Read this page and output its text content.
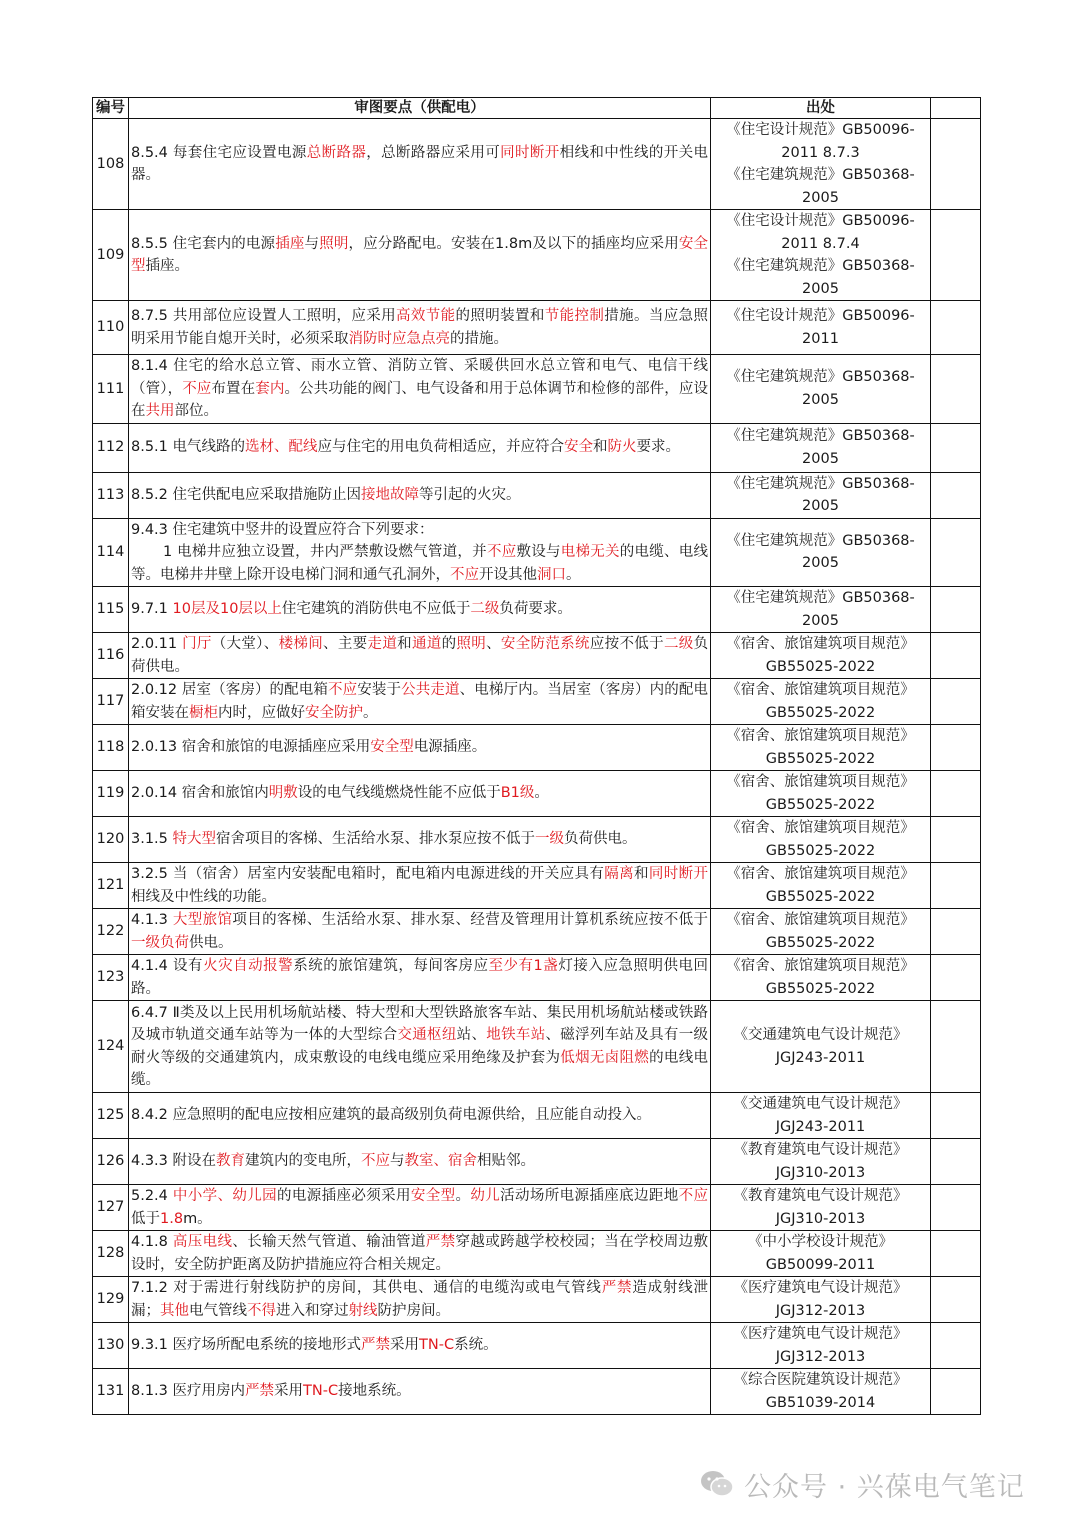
编号	审图要点（供配电）	出处	
108	8.5.4 每套住宅应设置电源总断路器，总断路器应采用可同时断开相线和中性线的开关电器。	《住宅设计规范》GB50096-2011 8.7.3
《住宅建筑规范》GB50368-2005	
109	8.5.5 住宅套内的电源插座与照明，应分路配电。安装在1.8m及以下的插座均应采用安全型插座。	《住宅设计规范》GB50096-2011 8.7.4
《住宅建筑规范》GB50368-2005	
110	8.7.5 共用部位应设置人工照明，应采用高效节能的照明装置和节能控制措施。当应急照明采用节能自熄开关时，必须采取消防时应急点亮的措施。	《住宅设计规范》GB50096-2011	
111	8.1.4 住宅的给水总立管、雨水立管、消防立管、采暖供回水总立管和电气、电信干线（管），不应布置在套内。公共功能的阀门、电气设备和用于总体调节和检修的部件，应设在共用部位。	《住宅建筑规范》GB50368-2005	
112	8.5.1 电气线路的选材、配线应与住宅的用电负荷相适应，并应符合安全和防火要求。	《住宅建筑规范》GB50368-2005	
113	8.5.2 住宅供配电应采取措施防止因接地故障等引起的火灾。	《住宅建筑规范》GB50368-2005	
114	9.4.3 住宅建筑中竖井的设置应符合下列要求：
1 电梯井应独立设置，井内严禁敷设燃气管道，并不应敷设与电梯无关的电缆、电线等。电梯井井壁上除开设电梯门洞和通气孔洞外，不应开设其他洞口。	《住宅建筑规范》GB50368-2005	
115	9.7.1 10层及10层以上住宅建筑的消防供电不应低于二级负荷要求。	《住宅建筑规范》GB50368-2005	
116	2.0.11 门厅（大堂）、楼梯间、主要走道和通道的照明、安全防范系统应按不低于二级负荷供电。	《宿舍、旅馆建筑项目规范》GB55025-2022	
117	2.0.12 居室（客房）的配电箱不应安装于公共走道、电梯厅内。当居室（客房）内的配电箱安装在橱柜内时，应做好安全防护。	《宿舍、旅馆建筑项目规范》GB55025-2022	
118	2.0.13 宿舍和旅馆的电源插座应采用安全型电源插座。	《宿舍、旅馆建筑项目规范》GB55025-2022	
119	2.0.14 宿舍和旅馆内明敷设的电气线缆燃烧性能不应低于B1级。	《宿舍、旅馆建筑项目规范》GB55025-2022	
120	3.1.5 特大型宿舍项目的客梯、生活给水泵、排水泵应按不低于一级负荷供电。	《宿舍、旅馆建筑项目规范》GB55025-2022	
121	3.2.5 当（宿舍）居室内安装配电箱时，配电箱内电源进线的开关应具有隔离和同时断开相线及中性线的功能。	《宿舍、旅馆建筑项目规范》GB55025-2022	
122	4.1.3 大型旅馆项目的客梯、生活给水泵、排水泵、经营及管理用计算机系统应按不低于一级负荷供电。	《宿舍、旅馆建筑项目规范》GB55025-2022	
123	4.1.4 设有火灾自动报警系统的旅馆建筑，每间客房应至少有1盏灯接入应急照明供电回路。	《宿舍、旅馆建筑项目规范》GB55025-2022	
124	6.4.7 Ⅱ类及以上民用机场航站楼、特大型和大型铁路旅客车站、集民用机场航站楼或铁路及城市轨道交通车站等为一体的大型综合交通枢纽站、地铁车站、磁浮列车站及具有一级耐火等级的交通建筑内，成束敷设的电线电缆应采用绝缘及护套为低烟无卤阻燃的电线电缆。	《交通建筑电气设计规范》JGJ243-2011	
125	8.4.2 应急照明的配电应按相应建筑的最高级别负荷电源供给，且应能自动投入。	《交通建筑电气设计规范》JGJ243-2011	
126	4.3.3 附设在教育建筑内的变电所，不应与教室、宿舍相贴邻。	《教育建筑电气设计规范》JGJ310-2013	
127	5.2.4 中小学、幼儿园的电源插座必须采用安全型。幼儿活动场所电源插座底边距地不应低于1.8m。	《教育建筑电气设计规范》JGJ310-2013	
128	4.1.8 高压电线、长输天然气管道、输油管道严禁穿越或跨越学校校园；当在学校周边敷设时，安全防护距离及防护措施应符合相关规定。	《中小学校设计规范》GB50099-2011	
129	7.1.2 对于需进行射线防护的房间，其供电、通信的电缆沟或电气管线严禁造成射线泄漏；其他电气管线不得进入和穿过射线防护房间。	《医疗建筑电气设计规范》JGJ312-2013	
130	9.3.1 医疗场所配电系统的接地形式严禁采用TN-C系统。	《医疗建筑电气设计规范》JGJ312-2013	
131	8.1.3 医疗用房内严禁采用TN-C接地系统。	《综合医院建筑设计规范》GB51039-2014	
公众号 · 兴葆电气笔记
